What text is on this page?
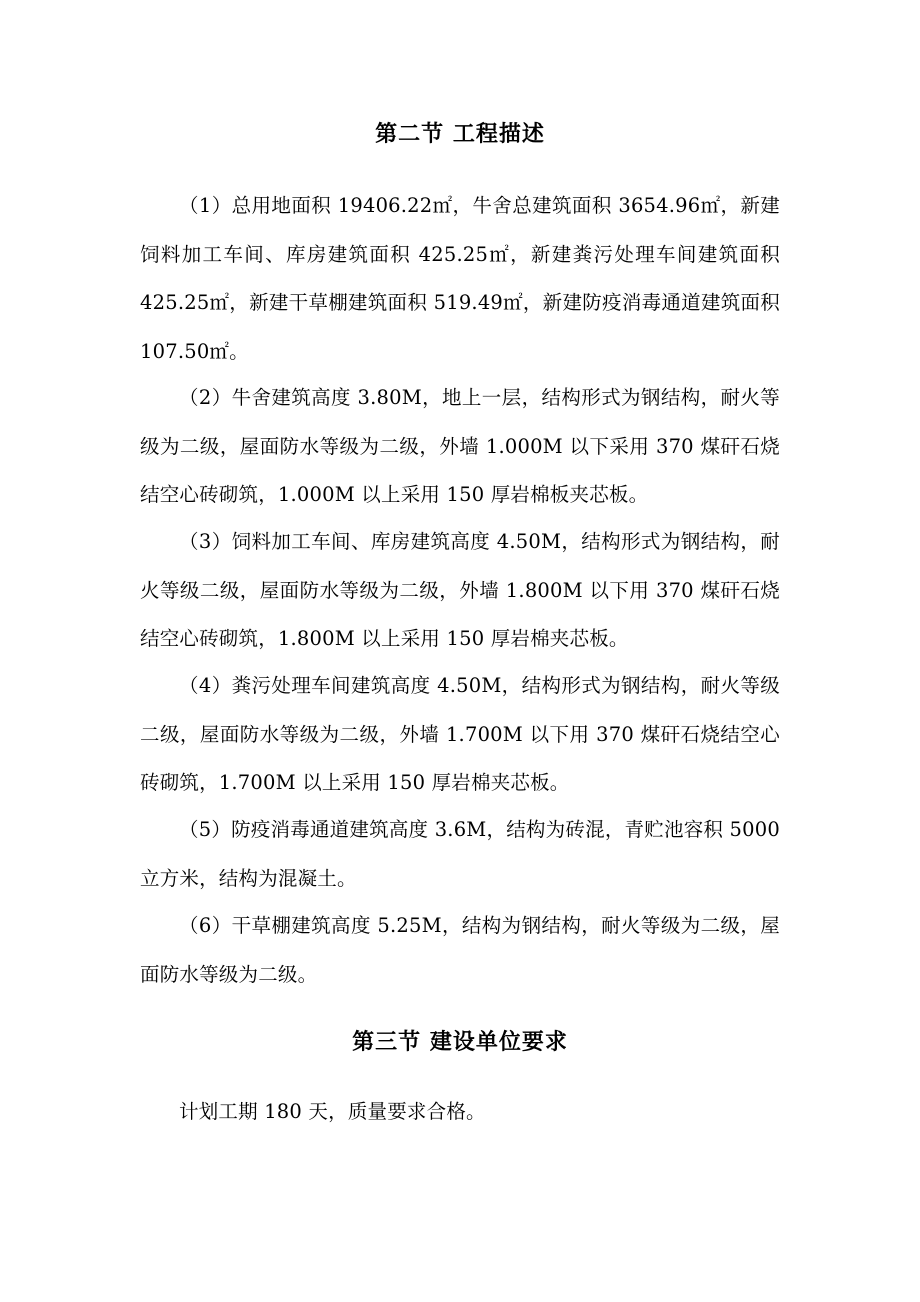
第二节 工程描述
（1）总用地面积 19406.22㎡，牛舍总建筑面积 3654.96㎡，新建饲料加工车间、库房建筑面积 425.25㎡，新建粪污处理车间建筑面积 425.25㎡，新建干草棚建筑面积 519.49㎡，新建防疫消毒通道建筑面积 107.50㎡。
（2）牛舍建筑高度 3.80M，地上一层，结构形式为钢结构，耐火等级为二级，屋面防水等级为二级，外墙 1.000M 以下采用 370 煤矸石烧结空心砖砌筑，1.000M 以上采用 150 厚岩棉板夹芯板。
（3）饲料加工车间、库房建筑高度 4.50M，结构形式为钢结构，耐火等级二级，屋面防水等级为二级，外墙 1.800M 以下用 370 煤矸石烧结空心砖砌筑，1.800M 以上采用 150 厚岩棉夹芯板。
（4）粪污处理车间建筑高度 4.50M，结构形式为钢结构，耐火等级二级，屋面防水等级为二级，外墙 1.700M 以下用 370 煤矸石烧结空心砖砌筑，1.700M 以上采用 150 厚岩棉夹芯板。
（5）防疫消毒通道建筑高度 3.6M，结构为砖混，青贮池容积 5000 立方米，结构为混凝土。
（6）干草棚建筑高度 5.25M，结构为钢结构，耐火等级为二级，屋面防水等级为二级。
第三节 建设单位要求
计划工期 180 天，质量要求合格。
